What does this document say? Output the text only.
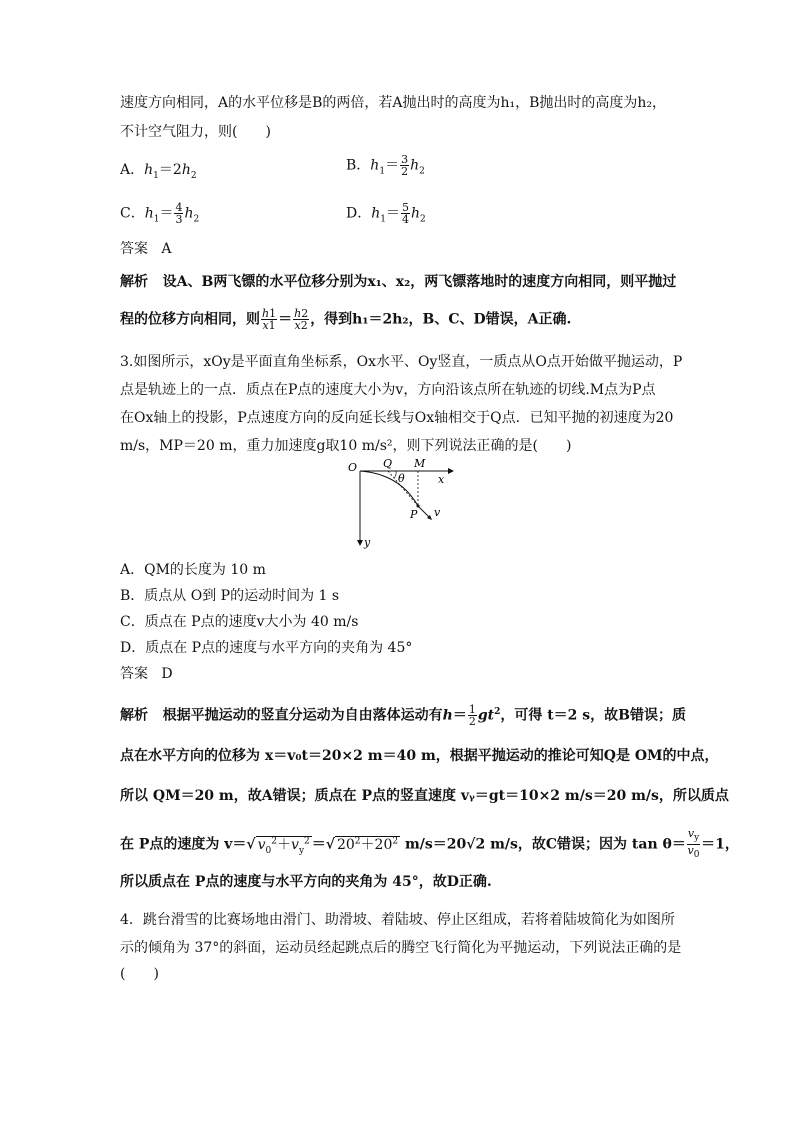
速度方向相同，A的水平位移是B的两倍，若A抛出时的高度为h₁，B抛出时的高度为h₂，
不计空气阻力，则(　　)
A．$h_1=2h_2$
B．$h_1= \frac{3}{2} h_2$
C．$h_1= \frac{4}{3} h_2$	D．$h_1= \frac{5}{4} h_2$
答案 A
解析 设A、B两飞镖的水平位移分别为x₁、x₂，两飞镖落地时的速度方向相同，则平抛过
程的位移方向相同，则 $\frac{h1}{x1} = \frac{h2}{x2}$ ，得到h₁＝2h₂，B、C、D错误，A正确.
3.如图所示，xOy是平面直角坐标系，Ox水平、Oy竖直，一质点从O点开始做平抛运动，P
点是轨迹上的一点．质点在P点的速度大小为v，方向沿该点所在轨迹的切线.M点为P点
在Ox轴上的投影，P点速度方向的反向延长线与Ox轴相交于Q点．已知平抛的初速度为20
m/s，MP＝20 m，重力加速度g取10 m/s²，则下列说法正确的是(　　)
O Q M
x
θ
P v
y
A．QM的长度为 10 m
B．质点从 O到 P的运动时间为 1 s
C．质点在 P点的速度v大小为 40 m/s
D．质点在 P点的速度与水平方向的夹角为 45°
答案 D
解析 根据平抛运动的竖直分运动为自由落体运动有$h= \frac{1}{2} gt^2$，可得 t＝2 s，故B错误；质
点在水平方向的位移为 x＝v₀t＝20×2 m＝40 m，根据平抛运动的推论可知Q是 OM的中点，
所以 QM＝20 m，故A错误；质点在 P点的竖直速度 vᵧ＝gt＝10×2 m/s＝20 m/s，所以质点
在 P点的速度为 v＝√ $v_0^2+v_y^2$ ＝√ $20^2+20^2$ m/s＝20√2 m/s，故C错误；因为 $\tan \theta= \frac{v_y}{v_0} =1$，
所以质点在 P点的速度与水平方向的夹角为 45°，故D正确.
4．跳台滑雪的比赛场地由滑门、助滑坡、着陆坡、停止区组成，若将着陆坡简化为如图所
示的倾角为 37°的斜面，运动员经起跳点后的腾空飞行简化为平抛运动，下列说法正确的是
(　　)
